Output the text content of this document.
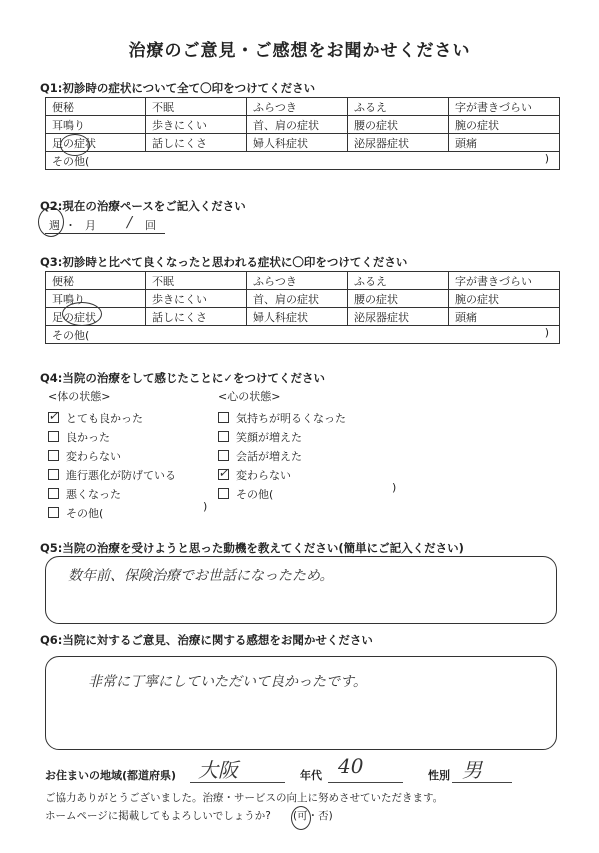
治療のご意見・ご感想をお聞かせください
Q1:初診時の症状について全て〇印をつけてください
便秘	不眠	ふらつき	ふるえ	字が書きづらい
耳鳴り	歩きにくい	首、肩の症状	腰の症状	腕の症状
足の症状	話しにくさ	婦人科症状	泌尿器症状	頭痛
その他( )				
Q2:現在の治療ペースをご記入ください
週 ・ 月 / 回
Q3:初診時と比べて良くなったと思われる症状に〇印をつけてください
便秘	不眠	ふらつき	ふるえ	字が書きづらい
耳鳴り	歩きにくい	首、肩の症状	腰の症状	腕の症状
足の症状	話しにくさ	婦人科症状	泌尿器症状	頭痛
その他( )				
Q4:当院の治療をして感じたことに✓をつけてください
<体の状態>
✓ とても良かった
良かった
変わらない
進行悪化が防げている
悪くなった
その他(
)
<心の状態>
気持ちが明るくなった
笑顔が増えた
会話が増えた
✓ 変わらない
その他(
)
Q5:当院の治療を受けようと思った動機を教えてください(簡単にご記入ください)
数年前、保険治療でお世話になったため。
Q6:当院に対するご意見、治療に関する感想をお聞かせください
非常に丁寧にしていただいて良かったです。
お住まいの地域(都道府県) 大阪	年代 40	性別 男
ご協力ありがとうございました。治療・サービスの向上に努めさせていただきます。
ホームページに掲載してもよろしいでしょうか? (可・否)
